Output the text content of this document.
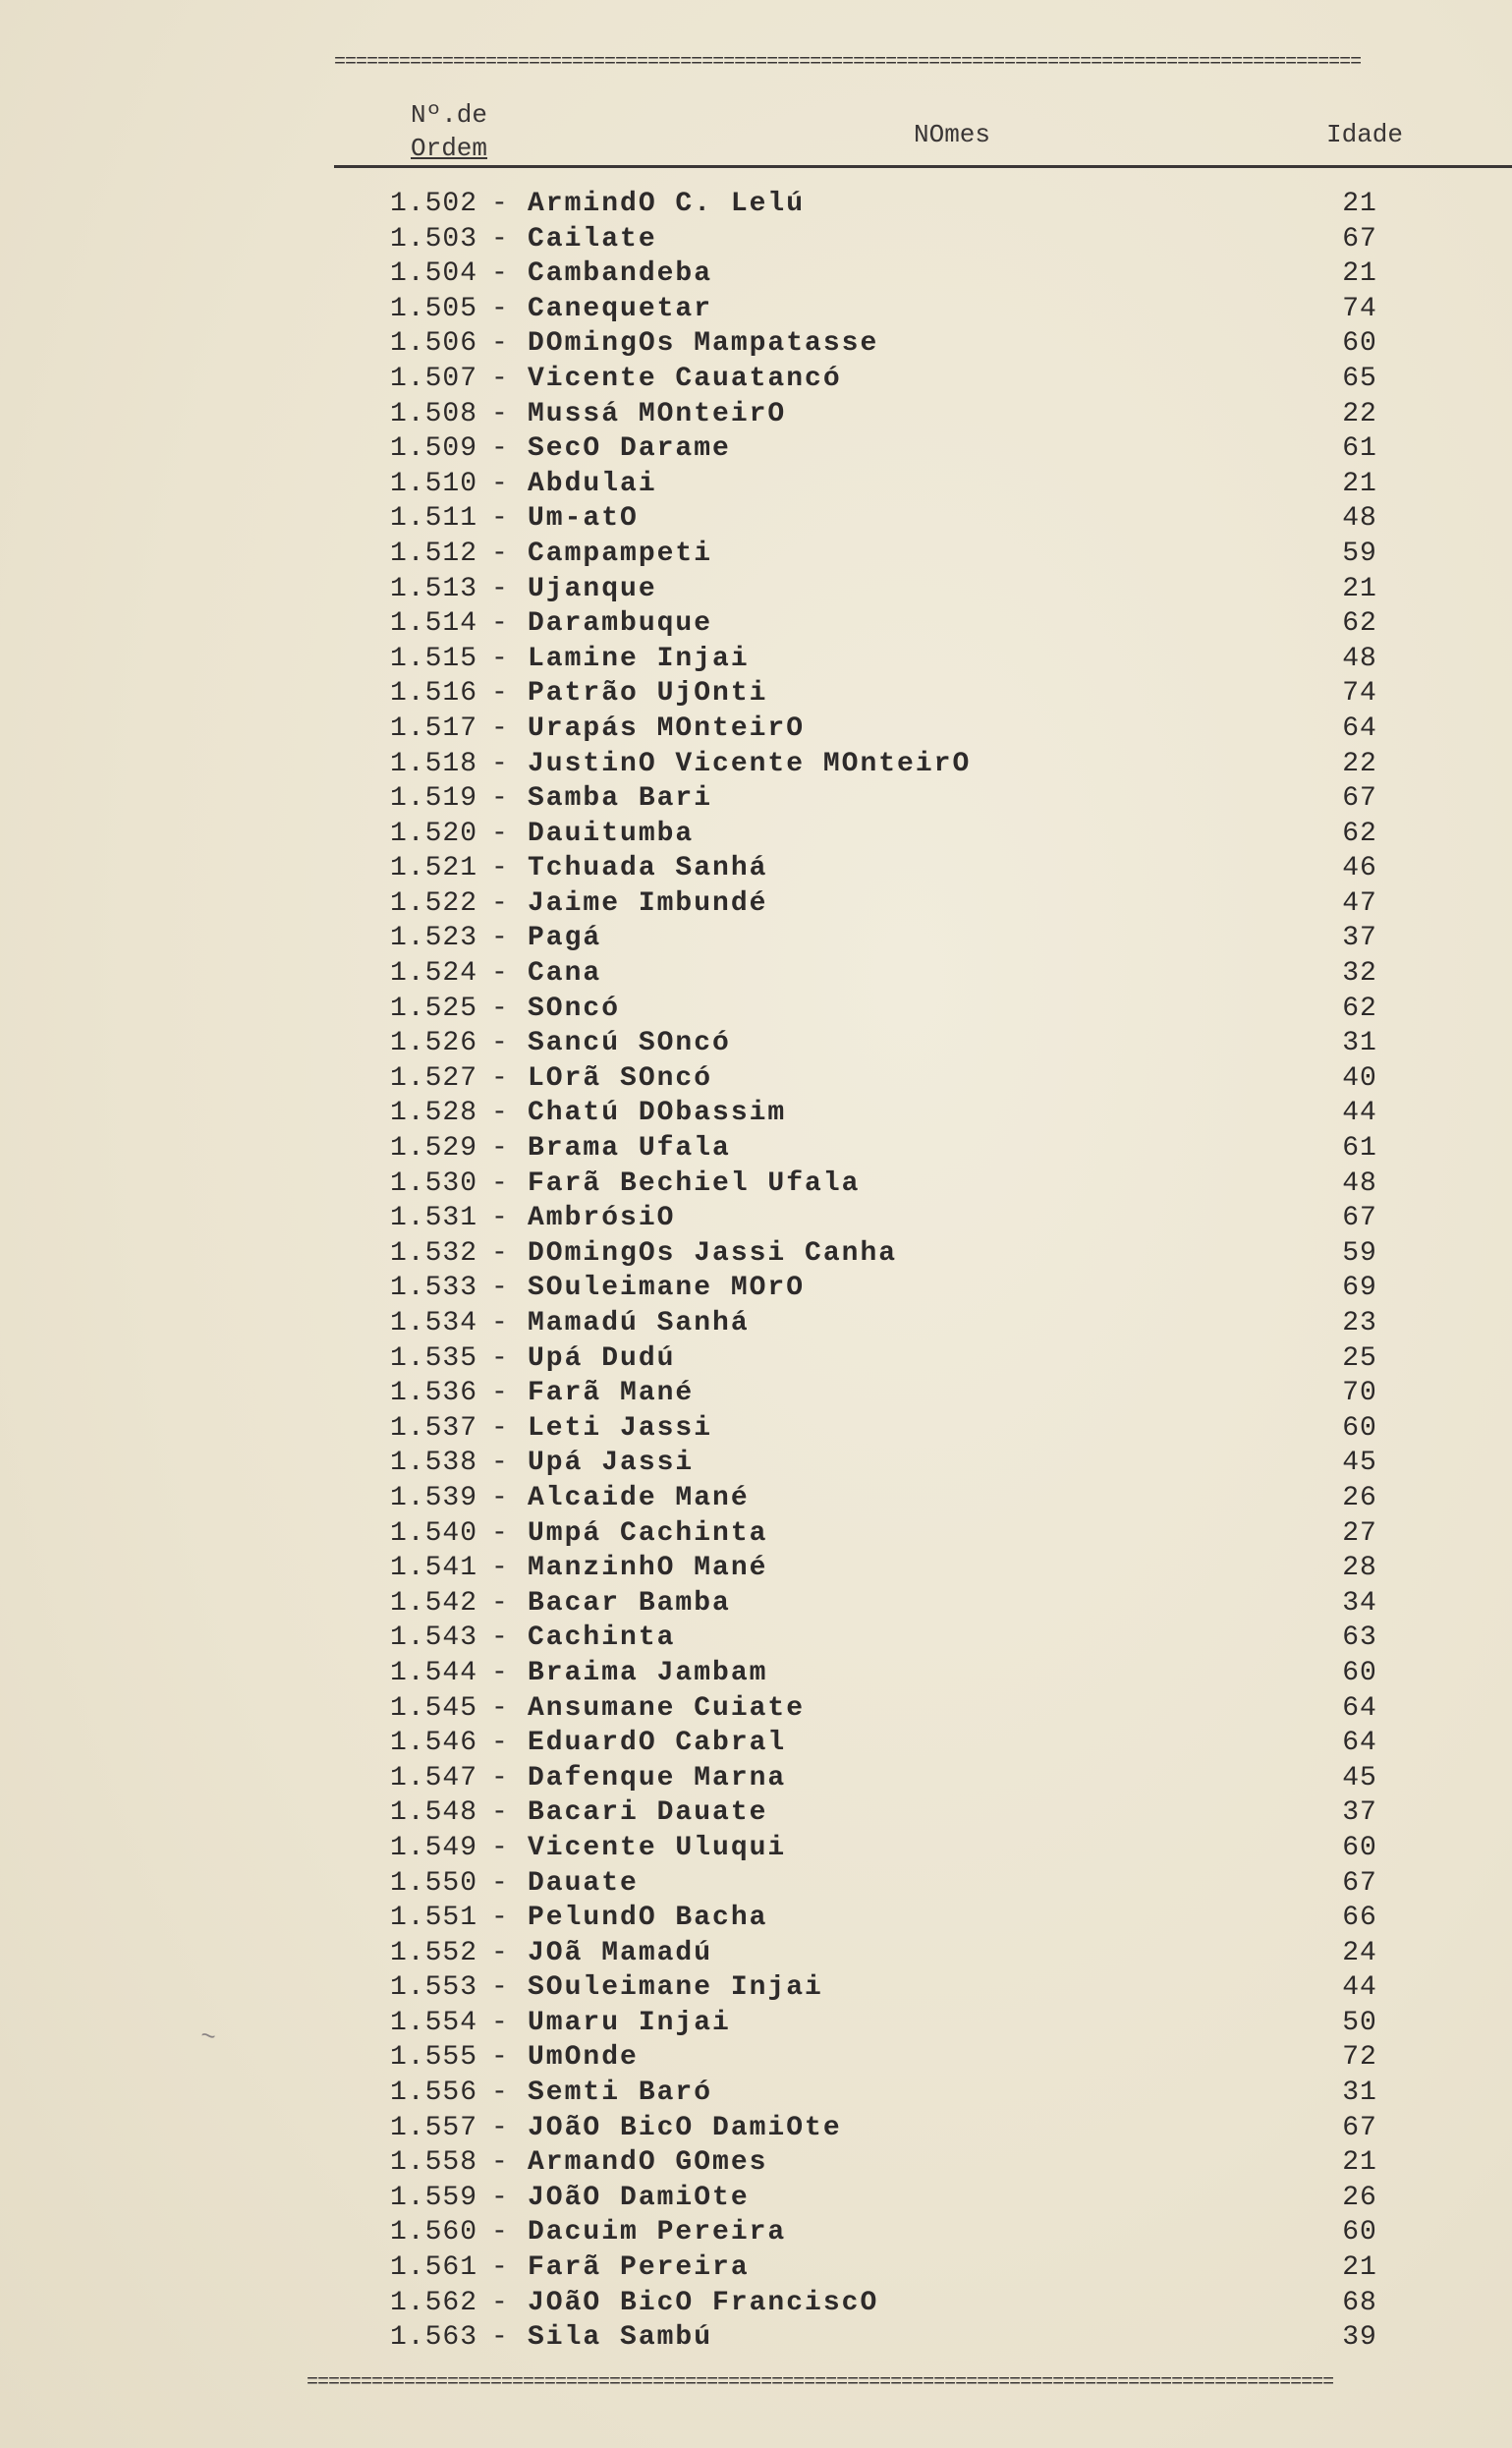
===============================================================================================
Nº.de
Ordem	NOmes	Idade
1.502 - ArmindO C. Lelú	21
1.503 - Cailate	67
1.504 - Cambandeba	21
1.505 - Canequetar	74
1.506 - DOmingOs Mampatasse	60
1.507 - Vicente Cauatancó	65
1.508 - Mussá MOnteirO	22
1.509 - SecO Darame	61
1.510 - Abdulai	21
1.511 - Um-atO	48
1.512 - Campampeti	59
1.513 - Ujanque	21
1.514 - Darambuque	62
1.515 - Lamine Injai	48
1.516 - Patrão UjOnti	74
1.517 - Urapás MOnteirO	64
1.518 - JustinO Vicente MOnteirO	22
1.519 - Samba Bari	67
1.520 - Dauitumba	62
1.521 - Tchuada Sanhá	46
1.522 - Jaime Imbundé	47
1.523 - Pagá	37
1.524 - Cana	32
1.525 - SOncó	62
1.526 - Sancú SOncó	31
1.527 - LOrã SOncó	40
1.528 - Chatú DObassim	44
1.529 - Brama Ufala	61
1.530 - Farã Bechiel Ufala	48
1.531 - AmbrósiO	67
1.532 - DOmingOs Jassi Canha	59
1.533 - SOuleimane MOrO	69
1.534 - Mamadú Sanhá	23
1.535 - Upá Dudú	25
1.536 - Farã Mané	70
1.537 - Leti Jassi	60
1.538 - Upá Jassi	45
1.539 - Alcaide Mané	26
1.540 - Umpá Cachinta	27
1.541 - ManzinhO Mané	28
1.542 - Bacar Bamba	34
1.543 - Cachinta	63
1.544 - Braima Jambam	60
1.545 - Ansumane Cuiate	64
1.546 - EduardO Cabral	64
1.547 - Dafenque Marna	45
1.548 - Bacari Dauate	37
1.549 - Vicente Uluqui	60
1.550 - Dauate	67
1.551 - PelundO Bacha	66
1.552 - JOã Mamadú	24
1.553 - SOuleimane Injai	44
1.554 - Umaru Injai	50
1.555 - UmOnde	72
1.556 - Semti Baró	31
1.557 - JOãO BicO DamiOte	67
1.558 - ArmandO GOmes	21
1.559 - JOãO DamiOte	26
1.560 - Dacuim Pereira	60
1.561 - Farã Pereira	21
1.562 - JOãO BicO FranciscO	68
1.563 - Sila Sambú	39
~
===============================================================================================
